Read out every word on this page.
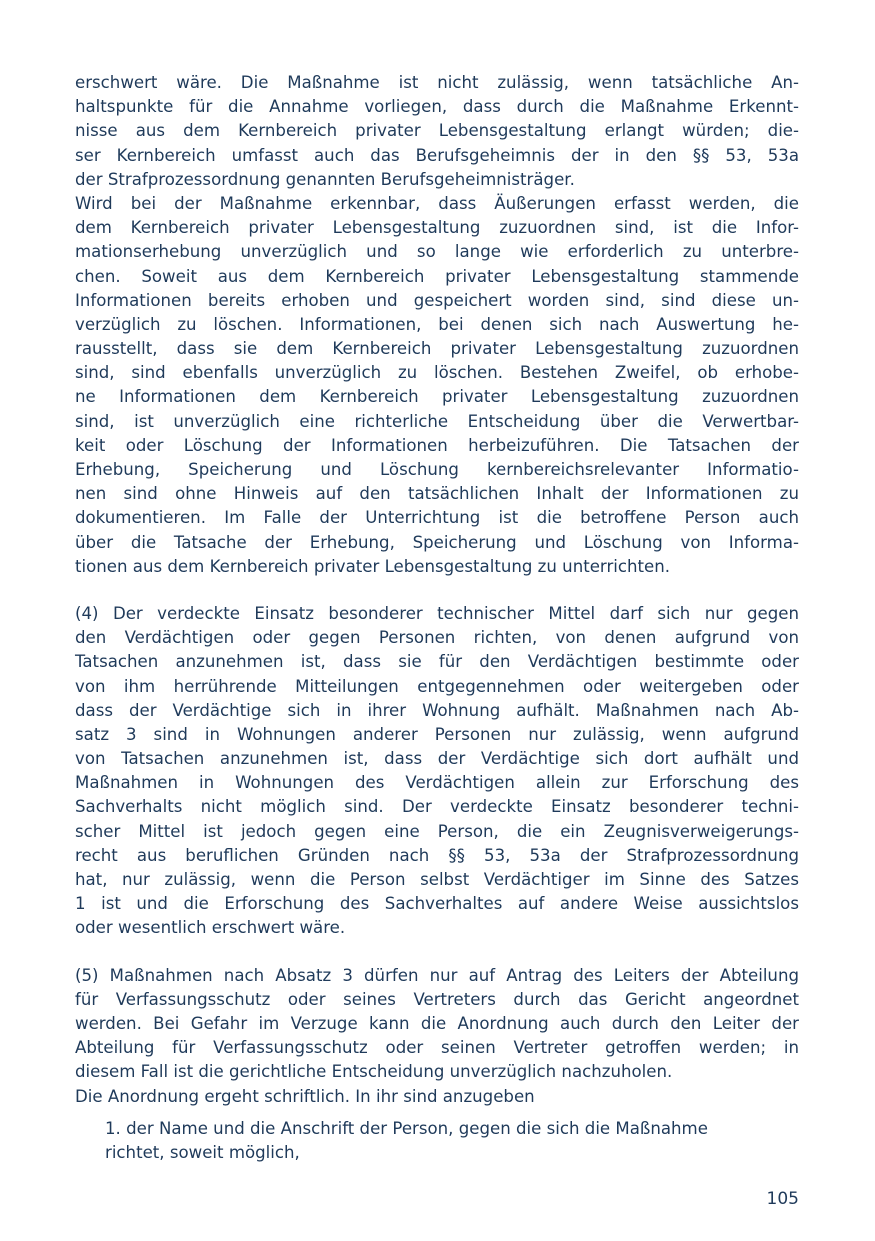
erschwert wäre. Die Maßnahme ist nicht zulässig, wenn tatsächliche An-
haltspunkte für die Annahme vorliegen, dass durch die Maßnahme Erkennt-
nisse aus dem Kernbereich privater Lebensgestaltung erlangt würden; die-
ser Kernbereich umfasst auch das Berufsgeheimnis der in den §§ 53, 53a
der Strafprozessordnung genannten Berufsgeheimnisträger.
Wird bei der Maßnahme erkennbar, dass Äußerungen erfasst werden, die
dem Kernbereich privater Lebensgestaltung zuzuordnen sind, ist die Infor-
mationserhebung unverzüglich und so lange wie erforderlich zu unterbre-
chen. Soweit aus dem Kernbereich privater Lebensgestaltung stammende
Informationen bereits erhoben und gespeichert worden sind, sind diese un-
verzüglich zu löschen. Informationen, bei denen sich nach Auswertung he-
rausstellt, dass sie dem Kernbereich privater Lebensgestaltung zuzuordnen
sind, sind ebenfalls unverzüglich zu löschen. Bestehen Zweifel, ob erhobe-
ne Informationen dem Kernbereich privater Lebensgestaltung zuzuordnen
sind, ist unverzüglich eine richterliche Entscheidung über die Verwertbar-
keit oder Löschung der Informationen herbeizuführen. Die Tatsachen der
Erhebung, Speicherung und Löschung kernbereichsrelevanter Informatio-
nen sind ohne Hinweis auf den tatsächlichen Inhalt der Informationen zu
dokumentieren. Im Falle der Unterrichtung ist die betroffene Person auch
über die Tatsache der Erhebung, Speicherung und Löschung von Informa-
tionen aus dem Kernbereich privater Lebensgestaltung zu unterrichten.
(4) Der verdeckte Einsatz besonderer technischer Mittel darf sich nur gegen
den Verdächtigen oder gegen Personen richten, von denen aufgrund von
Tatsachen anzunehmen ist, dass sie für den Verdächtigen bestimmte oder
von ihm herrührende Mitteilungen entgegennehmen oder weitergeben oder
dass der Verdächtige sich in ihrer Wohnung aufhält. Maßnahmen nach Ab-
satz 3 sind in Wohnungen anderer Personen nur zulässig, wenn aufgrund
von Tatsachen anzunehmen ist, dass der Verdächtige sich dort aufhält und
Maßnahmen in Wohnungen des Verdächtigen allein zur Erforschung des
Sachverhalts nicht möglich sind. Der verdeckte Einsatz besonderer techni-
scher Mittel ist jedoch gegen eine Person, die ein Zeugnisverweigerungs-
recht aus beruflichen Gründen nach §§ 53, 53a der Strafprozessordnung
hat, nur zulässig, wenn die Person selbst Verdächtiger im Sinne des Satzes
1 ist und die Erforschung des Sachverhaltes auf andere Weise aussichtslos
oder wesentlich erschwert wäre.
(5) Maßnahmen nach Absatz 3 dürfen nur auf Antrag des Leiters der Abteilung
für Verfassungsschutz oder seines Vertreters durch das Gericht angeordnet
werden. Bei Gefahr im Verzuge kann die Anordnung auch durch den Leiter der
Abteilung für Verfassungsschutz oder seinen Vertreter getroffen werden; in
diesem Fall ist die gerichtliche Entscheidung unverzüglich nachzuholen.
Die Anordnung ergeht schriftlich. In ihr sind anzugeben
1. der Name und die Anschrift der Person, gegen die sich die Maßnahme
richtet, soweit möglich,
105
